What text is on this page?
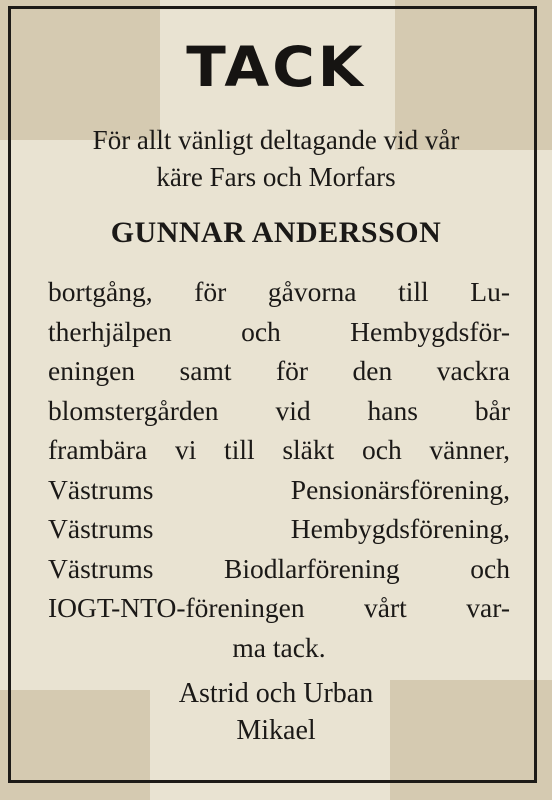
TACK
För allt vänligt deltagande vid vår
käre Fars och Morfars
GUNNAR ANDERSSON
bortgång, för gåvorna till Lu-
therhjälpen och Hembygdsför-
eningen samt för den vackra
blomstergården vid hans bår
frambära vi till släkt och vänner,
Västrums Pensionärsförening,
Västrums Hembygdsförening,
Västrums Biodlarförening och
IOGT-NTO-föreningen vårt var-
ma tack.
Astrid och Urban
Mikael
